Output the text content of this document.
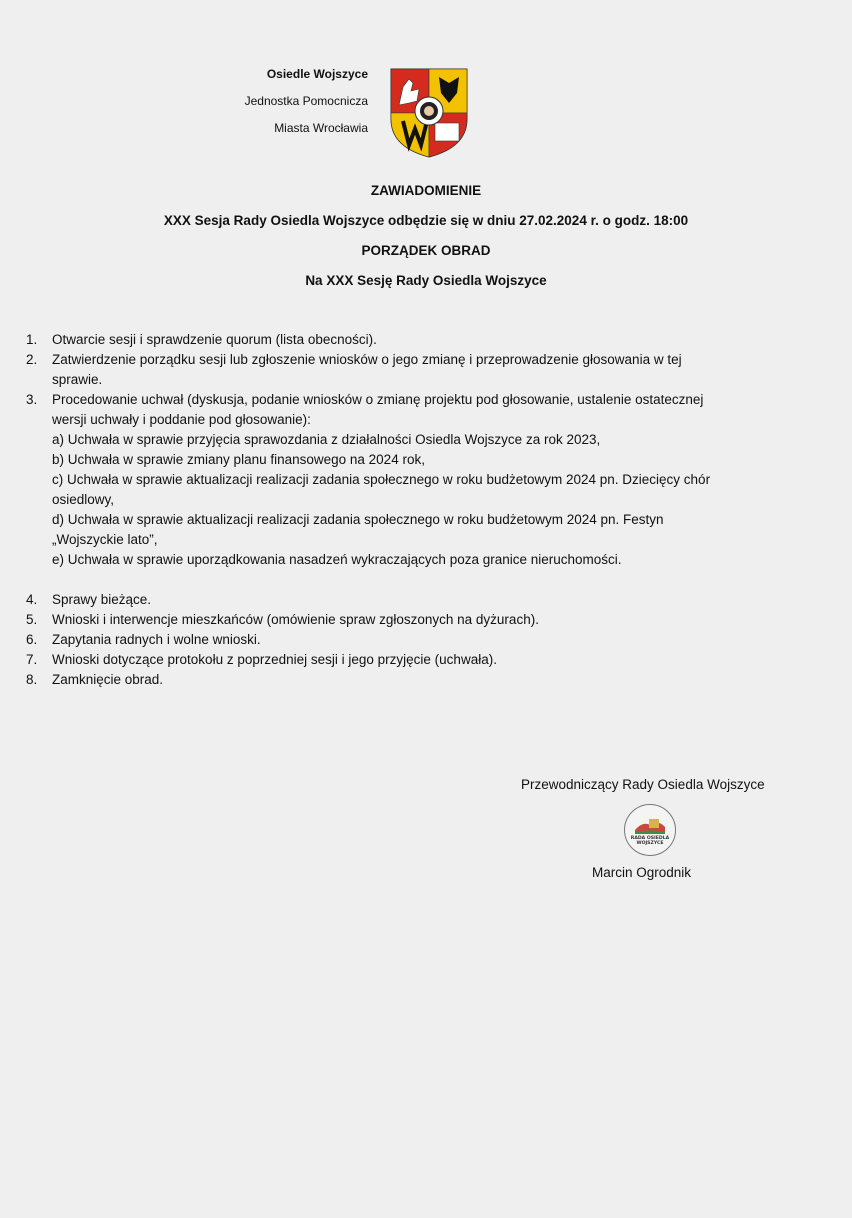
Osiedle Wojszyce
Jednostka Pomocnicza
Miasta Wrocławia
ZAWIADOMIENIE
XXX Sesja Rady Osiedla Wojszyce odbędzie się w dniu 27.02.2024 r. o godz. 18:00
PORZĄDEK OBRAD
Na XXX Sesję Rady Osiedla Wojszyce
1.	Otwarcie sesji i sprawdzenie quorum (lista obecności).
2.	Zatwierdzenie porządku sesji lub zgłoszenie wniosków o jego zmianę i przeprowadzenie głosowania w tej
sprawie.
3.	Procedowanie uchwał (dyskusja, podanie wniosków o zmianę projektu pod głosowanie, ustalenie ostatecznej
wersji uchwały i poddanie pod głosowanie):
a) Uchwała w sprawie przyjęcia sprawozdania z działalności Osiedla Wojszyce za rok 2023,
b) Uchwała w sprawie zmiany planu finansowego na 2024 rok,
c) Uchwała w sprawie aktualizacji realizacji zadania społecznego w roku budżetowym 2024 pn. Dziecięcy chór
osiedlowy,
d) Uchwała w sprawie aktualizacji realizacji zadania społecznego w roku budżetowym 2024 pn. Festyn
„Wojszyckie lato”,
e) Uchwała w sprawie uporządkowania nasadzeń wykraczających poza granice nieruchomości.
4.	Sprawy bieżące.
5.	Wnioski i interwencje mieszkańców (omówienie spraw zgłoszonych na dyżurach).
6.	Zapytania radnych i wolne wnioski.
7.	Wnioski dotyczące protokołu z poprzedniej sesji i jego przyjęcie (uchwała).
8.	Zamknięcie obrad.
Przewodniczący Rady Osiedla Wojszyce
RADA OSIEDLA
WOJSZYCE
Marcin Ogrodnik
